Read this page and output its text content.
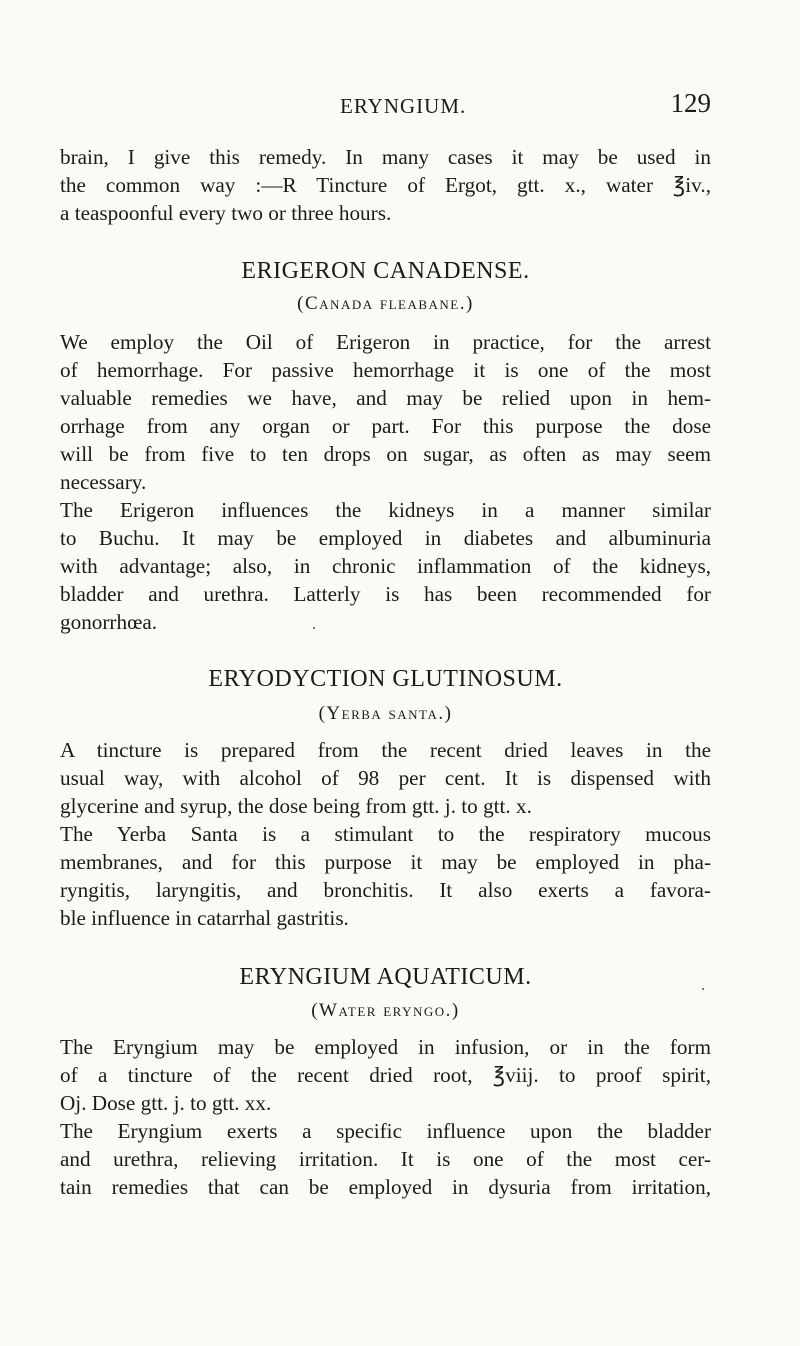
ERYNGIUM.	129
brain, I give this remedy. In many cases it may be used in
the common way :—R Tincture of Ergot, gtt. x., water ℥iv.,
a teaspoonful every two or three hours.
ERIGERON CANADENSE.
(Canada fleabane.)
We employ the Oil of Erigeron in practice, for the arrest
of hemorrhage. For passive hemorrhage it is one of the most
valuable remedies we have, and may be relied upon in hem-
orrhage from any organ or part. For this purpose the dose
will be from five to ten drops on sugar, as often as may seem
necessary.
The Erigeron influences the kidneys in a manner similar
to Buchu. It may be employed in diabetes and albuminuria
with advantage; also, in chronic inflammation of the kidneys,
bladder and urethra. Latterly is has been recommended for
gonorrhœa.
ERYODYCTION GLUTINOSUM.
(Yerba santa.)
A tincture is prepared from the recent dried leaves in the
usual way, with alcohol of 98 per cent. It is dispensed with
glycerine and syrup, the dose being from gtt. j. to gtt. x.
The Yerba Santa is a stimulant to the respiratory mucous
membranes, and for this purpose it may be employed in pha-
ryngitis, laryngitis, and bronchitis. It also exerts a favora-
ble influence in catarrhal gastritis.
ERYNGIUM AQUATICUM.
(Water eryngo.)
The Eryngium may be employed in infusion, or in the form
of a tincture of the recent dried root, ℥viij. to proof spirit,
Oj. Dose gtt. j. to gtt. xx.
The Eryngium exerts a specific influence upon the bladder
and urethra, relieving irritation. It is one of the most cer-
tain remedies that can be employed in dysuria from irritation,
